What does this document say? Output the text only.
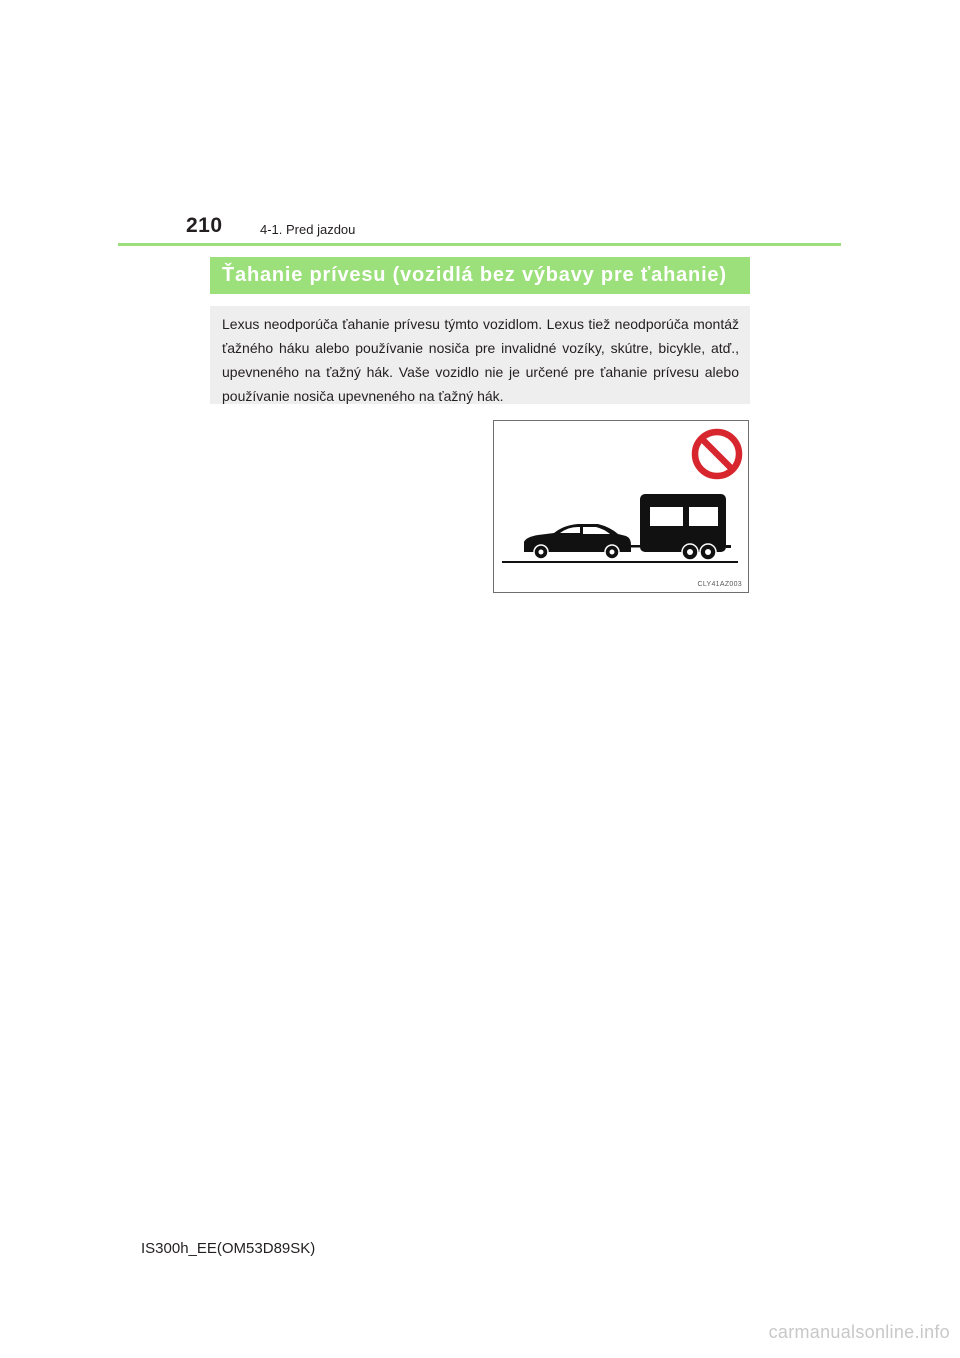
210	4-1. Pred jazdou
Ťahanie prívesu (vozidlá bez výbavy pre ťahanie)

Lexus neodporúča ťahanie prívesu týmto vozidlom. Lexus tiež neodporúča montáž ťažného háku alebo používanie nosiča pre invalidné vozíky, skútre, bicykle, atď., upevneného na ťažný hák. Vaše vozidlo nie je určené pre ťahanie prívesu alebo používanie nosiča upevneného na ťažný hák.

CLY41AZ003
IS300h_EE(OM53D89SK)
carmanualsonline.info
